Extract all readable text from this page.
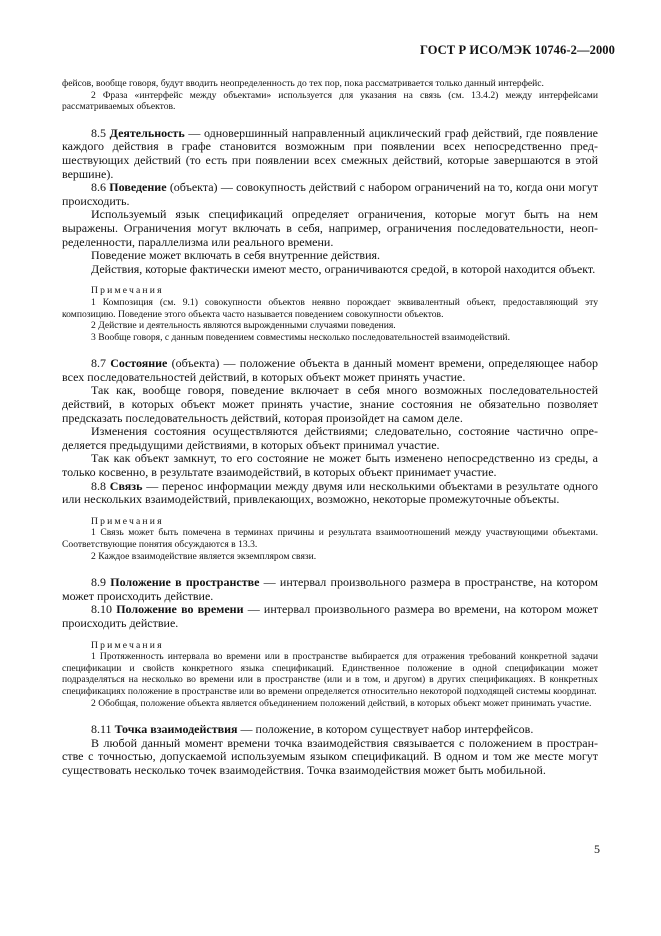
ГОСТ Р ИСО/МЭК 10746-2—2000

фейсов, вообще говоря, будут вводить неопределенность до тех пор, пока рассматривается только данный интерфейс.

2 Фраза «интерфейс между объектами» используется для указания на связь (см. 13.4.2) между интерфейсами рассматриваемых объектов.

8.5 Деятельность — одновершинный направленный ациклический граф действий, где появление каждого действия в графе становится возможным при появлении всех непосредственно предшествующих действий (то есть при появлении всех смежных действий, которые завершаются в этой вершине).

8.6 Поведение (объекта) — совокупность действий с набором ограничений на то, когда они могут происходить.

Используемый язык спецификаций определяет ограничения, которые могут быть на нем выражены. Ограничения могут включать в себя, например, ограничения последовательности, неопределенности, параллелизма или реального времени.

Поведение может включать в себя внутренние действия.

Действия, которые фактически имеют место, ограничиваются средой, в которой находится объект.

Примечания

1 Композиция (см. 9.1) совокупности объектов неявно порождает эквивалентный объект, предоставляющий эту композицию. Поведение этого объекта часто называется поведением совокупности объектов.

2 Действие и деятельность являются вырожденными случаями поведения.

3 Вообще говоря, с данным поведением совместимы несколько последовательностей взаимодействий.

8.7 Состояние (объекта) — положение объекта в данный момент времени, определяющее набор всех последовательностей действий, в которых объект может принять участие.

Так как, вообще говоря, поведение включает в себя много возможных последовательностей действий, в которых объект может принять участие, знание состояния не обязательно позволяет предсказать последовательность действий, которая произойдет на самом деле.

Изменения состояния осуществляются действиями; следовательно, состояние частично определяется предыдущими действиями, в которых объект принимал участие.

Так как объект замкнут, то его состояние не может быть изменено непосредственно из среды, а только косвенно, в результате взаимодействий, в которых объект принимает участие.

8.8 Связь — перенос информации между двумя или несколькими объектами в результате одного или нескольких взаимодействий, привлекающих, возможно, некоторые промежуточные объекты.

Примечания

1 Связь может быть помечена в терминах причины и результата взаимоотношений между участвующими объектами. Соответствующие понятия обсуждаются в 13.3.

2 Каждое взаимодействие является экземпляром связи.

8.9 Положение в пространстве — интервал произвольного размера в пространстве, на котором может происходить действие.

8.10 Положение во времени — интервал произвольного размера во времени, на котором может происходить действие.

Примечания

1 Протяженность интервала во времени или в пространстве выбирается для отражения требований конкретной задачи спецификации и свойств конкретного языка спецификаций. Единственное положение в одной спецификации может подразделяться на несколько во времени или в пространстве (или и в том, и другом) в других спецификациях. В конкретных спецификациях положение в пространстве или во времени определяется относительно некоторой подходящей системы координат.

2 Обобщая, положение объекта является объединением положений действий, в которых объект может принимать участие.

8.11 Точка взаимодействия — положение, в котором существует набор интерфейсов.

В любой данный момент времени точка взаимодействия связывается с положением в пространстве с точностью, допускаемой используемым языком спецификаций. В одном и том же месте могут существовать несколько точек взаимодействия. Точка взаимодействия может быть мобильной.

5
